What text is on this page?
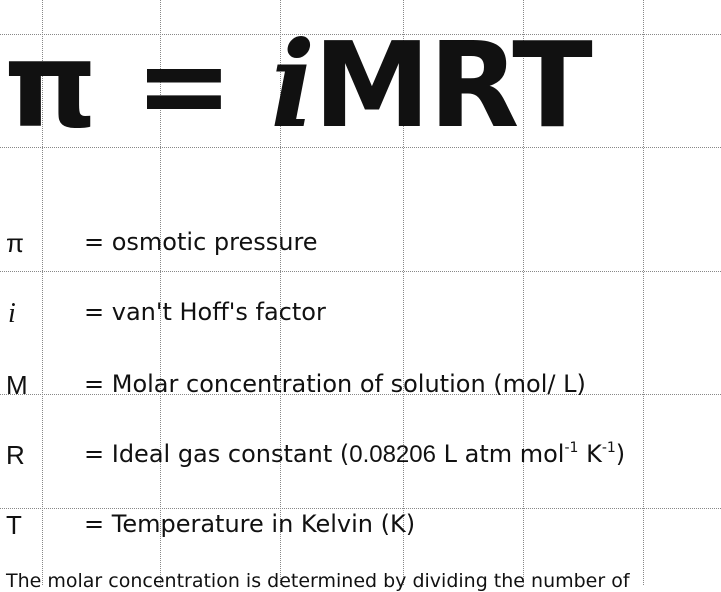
π = iMRT
π	= osmotic pressure
i	= van't Hoff's factor
M = Molar concentration of solution (mol/ L)
R = Ideal gas constant (0.08206 L atm mol$^{-1}$ $K^{-1}$)
T	= Temperature in Kelvin (K)
The molar concentration is determined by dividing the number of
